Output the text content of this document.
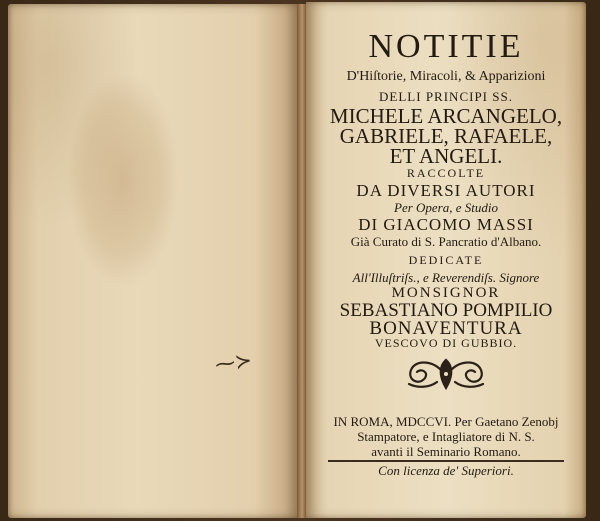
⁓≻
NOTITIE
D'Hiſtorie, Miracoli, & Apparizioni
DELLI PRINCIPI SS.
MICHELE ARCANGELO,
GABRIELE, RAFAELE,
ET ANGELI.
RACCOLTE
DA DIVERSI AUTORI
Per Opera, e Studio
DI GIACOMO MASSI
Già Curato di S. Pancratio d'Albano.
DEDICATE
All'Illuſtriſs., e Reverendiſs. Signore
MONSIGNOR
SEBASTIANO POMPILIO
BONAVENTURA
VESCOVO DI GUBBIO.
IN ROMA, MDCCVI. Per Gaetano Zenobj
Stampatore, e Intagliatore di N. S.
avanti il Seminario Romano.
Con licenza de' Superiori.
